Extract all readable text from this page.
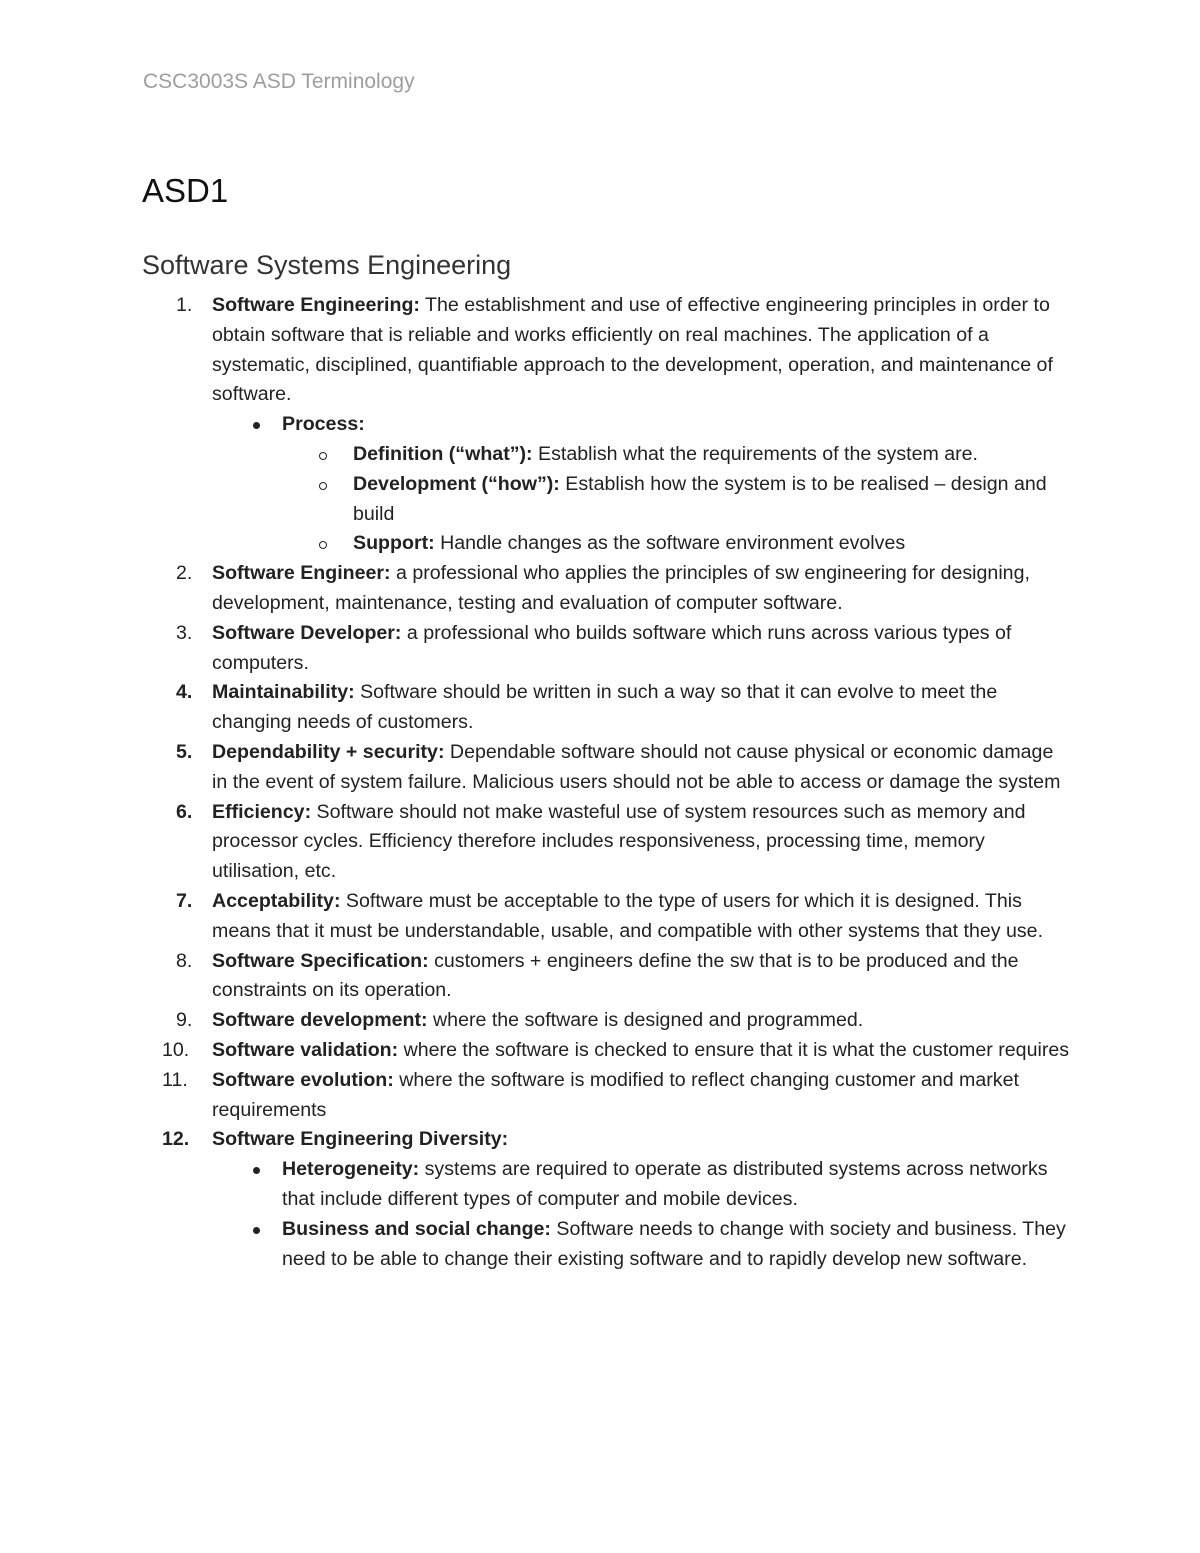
CSC3003S ASD Terminology
ASD1
Software Systems Engineering
1. Software Engineering: The establishment and use of effective engineering principles in order to obtain software that is reliable and works efficiently on real machines. The application of a systematic, disciplined, quantifiable approach to the development, operation, and maintenance of software.
Process:
Definition (“what”): Establish what the requirements of the system are.
Development (“how”): Establish how the system is to be realised – design and build
Support: Handle changes as the software environment evolves
2. Software Engineer: a professional who applies the principles of sw engineering for designing, development, maintenance, testing and evaluation of computer software.
3. Software Developer: a professional who builds software which runs across various types of computers.
4. Maintainability: Software should be written in such a way so that it can evolve to meet the changing needs of customers.
5. Dependability + security: Dependable software should not cause physical or economic damage in the event of system failure. Malicious users should not be able to access or damage the system
6. Efficiency: Software should not make wasteful use of system resources such as memory and processor cycles. Efficiency therefore includes responsiveness, processing time, memory utilisation, etc.
7. Acceptability: Software must be acceptable to the type of users for which it is designed. This means that it must be understandable, usable, and compatible with other systems that they use.
8. Software Specification: customers + engineers define the sw that is to be produced and the constraints on its operation.
9. Software development: where the software is designed and programmed.
10. Software validation: where the software is checked to ensure that it is what the customer requires
11. Software evolution: where the software is modified to reflect changing customer and market requirements
12. Software Engineering Diversity:
Heterogeneity: systems are required to operate as distributed systems across networks that include different types of computer and mobile devices.
Business and social change: Software needs to change with society and business. They need to be able to change their existing software and to rapidly develop new software.
